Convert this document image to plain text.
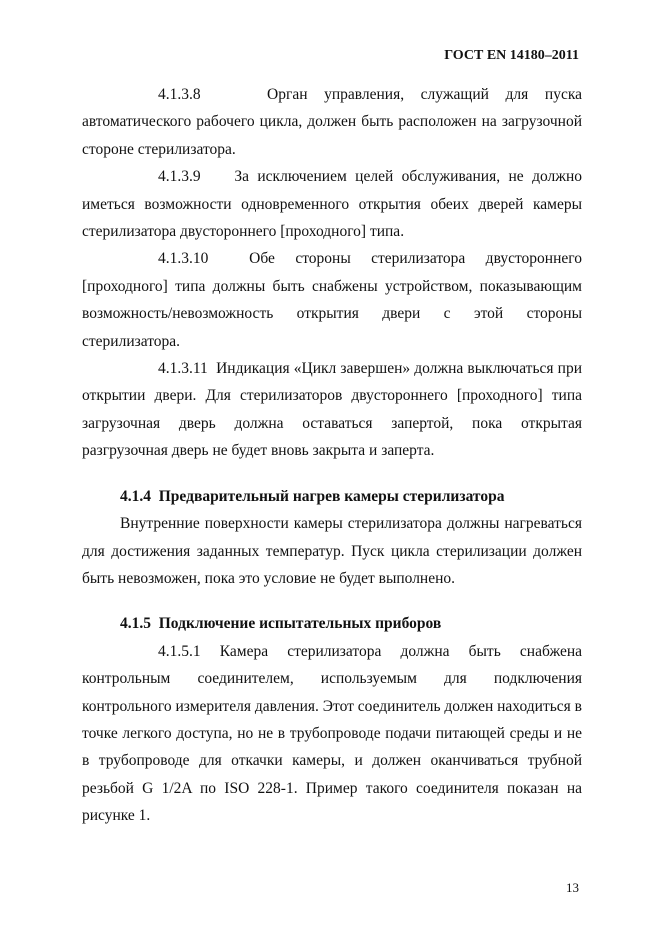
ГОСТ EN 14180–2011

4.1.3.8	Орган управления, служащий для пуска автоматического рабочего цикла, должен быть расположен на загрузочной стороне стерилизатора.

4.1.3.9 За исключением целей обслуживания, не должно иметься возможности одновременного открытия обеих дверей камеры стерилизатора двустороннего [проходного] типа.

4.1.3.10	Обе стороны стерилизатора двустороннего [проходного] типа должны быть снабжены устройством, показывающим возможность/невозможность открытия двери с этой стороны стерилизатора.

4.1.3.11 Индикация «Цикл завершен» должна выключаться при открытии двери. Для стерилизаторов двустороннего [проходного] типа загрузочная дверь должна оставаться запертой, пока открытая разгрузочная дверь не будет вновь закрыта и заперта.

4.1.4 Предварительный нагрев камеры стерилизатора

Внутренние поверхности камеры стерилизатора должны нагреваться для достижения заданных температур. Пуск цикла стерилизации должен быть невозможен, пока это условие не будет выполнено.

4.1.5 Подключение испытательных приборов

4.1.5.1 Камера стерилизатора должна быть снабжена контрольным соединителем, используемым для подключения контрольного измерителя давления. Этот соединитель должен находиться в точке легкого доступа, но не в трубопроводе подачи питающей среды и не в трубопроводе для откачки камеры, и должен оканчиваться трубной резьбой G 1/2A по ISO 228-1. Пример такого соединителя показан на рисунке 1.

13
